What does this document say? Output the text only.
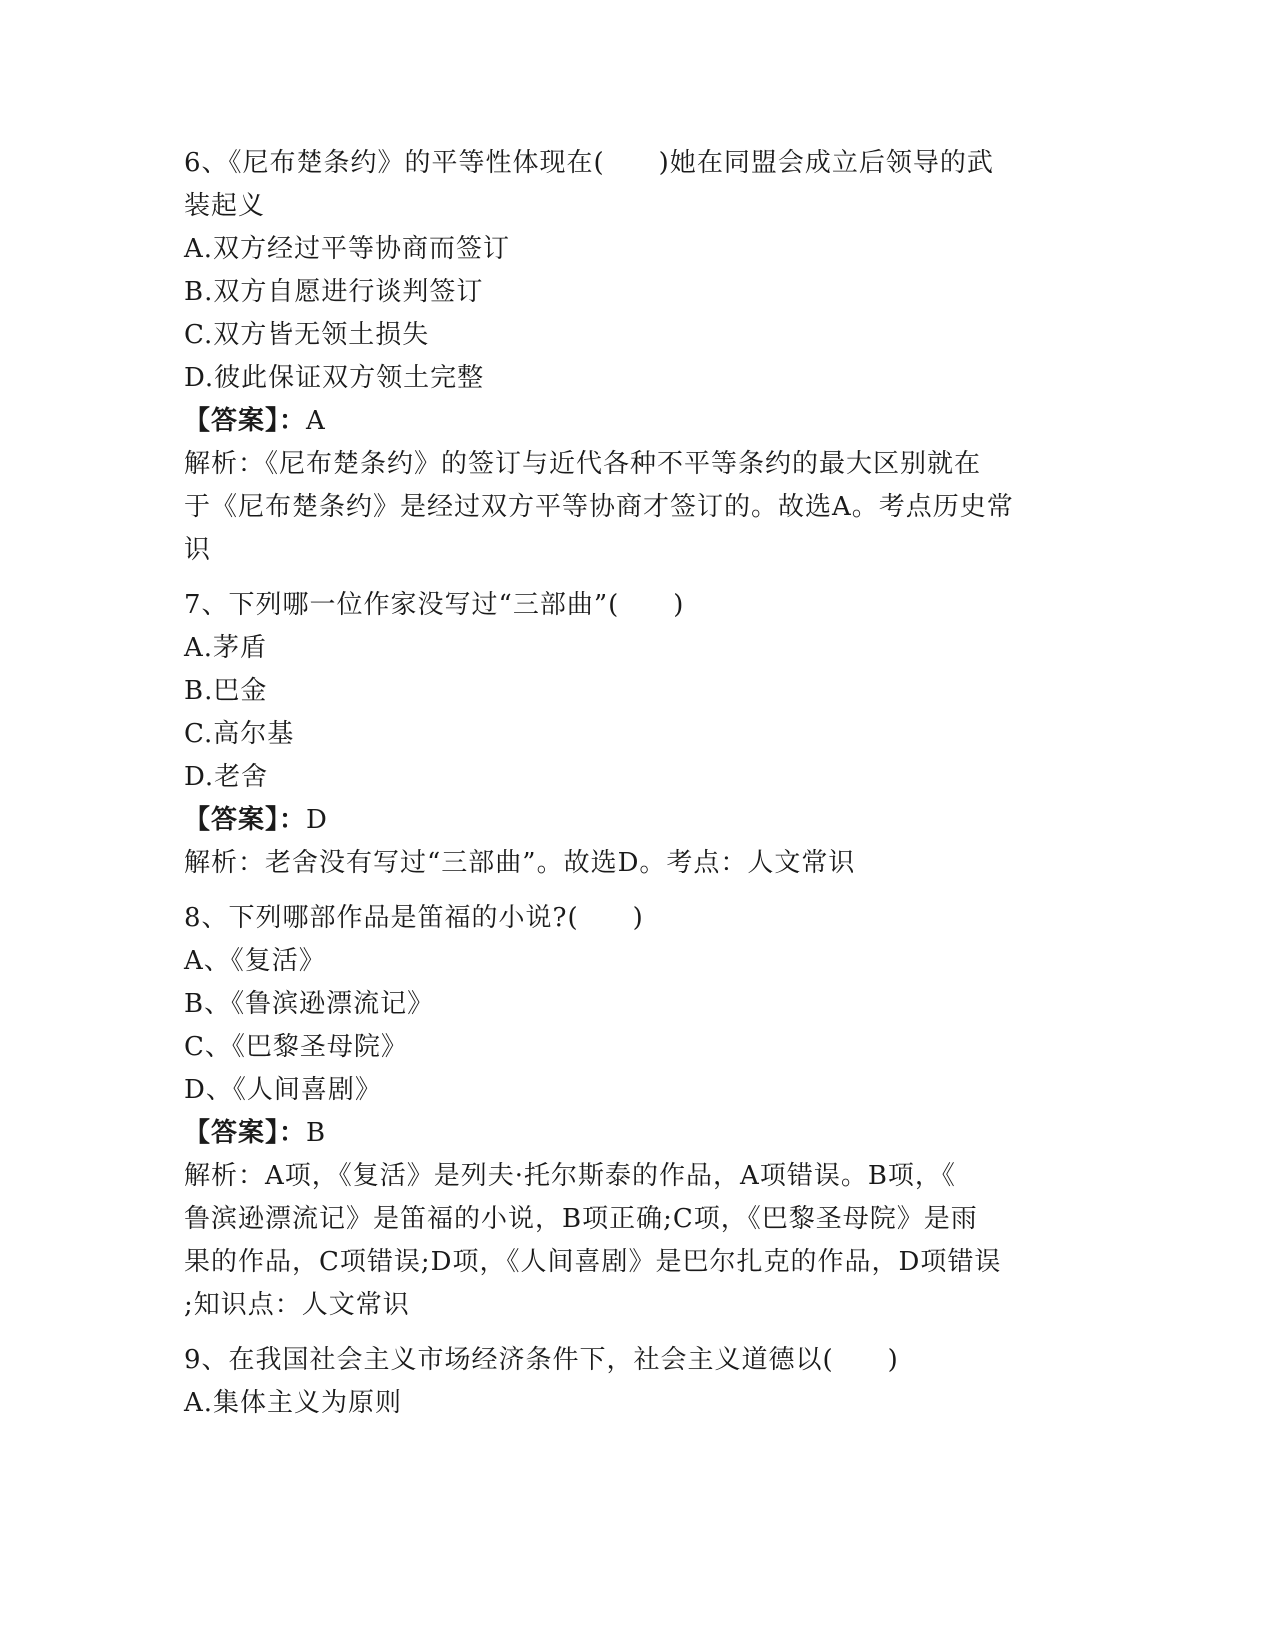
6、《尼布楚条约》的平等性体现在(　　)她在同盟会成立后领导的武
装起义
A.双方经过平等协商而签订
B.双方自愿进行谈判签订
C.双方皆无领土损失
D.彼此保证双方领土完整
【答案】：A
解析：《尼布楚条约》的签订与近代各种不平等条约的最大区别就在
于《尼布楚条约》是经过双方平等协商才签订的。故选A。考点历史常
识
7、下列哪一位作家没写过“三部曲”(　　)
A.茅盾
B.巴金
C.高尔基
D.老舍
【答案】：D
解析：老舍没有写过“三部曲”。故选D。考点：人文常识
8、下列哪部作品是笛福的小说?(　　)
A、《复活》
B、《鲁滨逊漂流记》
C、《巴黎圣母院》
D、《人间喜剧》
【答案】：B
解析：A项，《复活》是列夫·托尔斯泰的作品，A项错误。B项，《
鲁滨逊漂流记》是笛福的小说，B项正确;C项，《巴黎圣母院》是雨
果的作品，C项错误;D项，《人间喜剧》是巴尔扎克的作品，D项错误
;知识点：人文常识
9、在我国社会主义市场经济条件下，社会主义道德以(　　)
A.集体主义为原则
